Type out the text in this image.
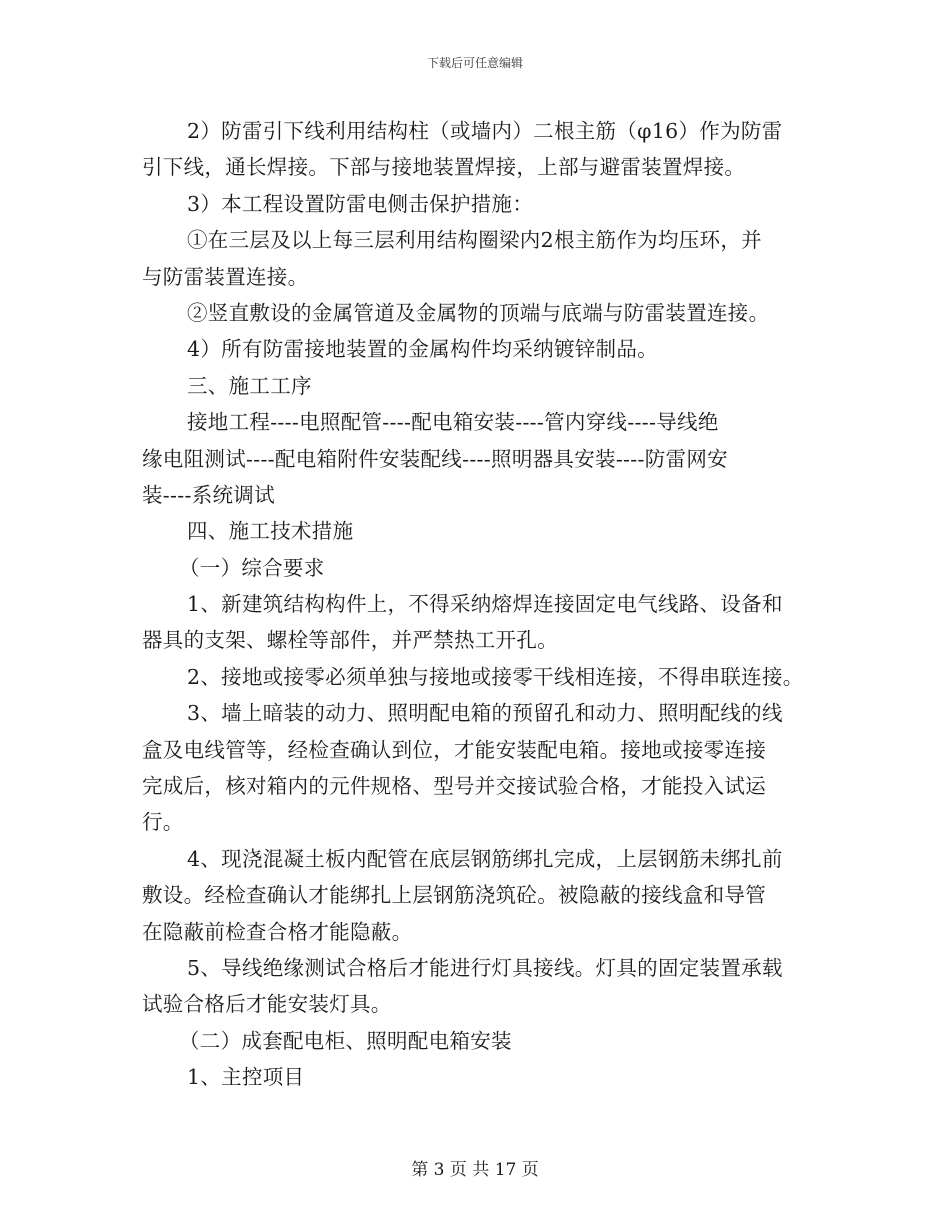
下载后可任意编辑
2）防雷引下线利用结构柱（或墙内）二根主筋（φ16）作为防雷
引下线，通长焊接。下部与接地装置焊接，上部与避雷装置焊接。
3）本工程设置防雷电侧击保护措施：
①在三层及以上每三层利用结构圈梁内2根主筋作为均压环，并
与防雷装置连接。
②竖直敷设的金属管道及金属物的顶端与底端与防雷装置连接。
4）所有防雷接地装置的金属构件均采纳镀锌制品。
三、施工工序
接地工程----电照配管----配电箱安装----管内穿线----导线绝
缘电阻测试----配电箱附件安装配线----照明器具安装----防雷网安
装----系统调试
四、施工技术措施
（一）综合要求
1、新建筑结构构件上，不得采纳熔焊连接固定电气线路、设备和
器具的支架、螺栓等部件，并严禁热工开孔。
2、接地或接零必须单独与接地或接零干线相连接，不得串联连接。
3、墙上暗装的动力、照明配电箱的预留孔和动力、照明配线的线
盒及电线管等，经检查确认到位，才能安装配电箱。接地或接零连接
完成后，核对箱内的元件规格、型号并交接试验合格，才能投入试运
行。
4、现浇混凝土板内配管在底层钢筋绑扎完成，上层钢筋未绑扎前
敷设。经检查确认才能绑扎上层钢筋浇筑砼。被隐蔽的接线盒和导管
在隐蔽前检查合格才能隐蔽。
5、导线绝缘测试合格后才能进行灯具接线。灯具的固定装置承载
试验合格后才能安装灯具。
（二）成套配电柜、照明配电箱安装
1、主控项目
第 3 页 共 17 页
